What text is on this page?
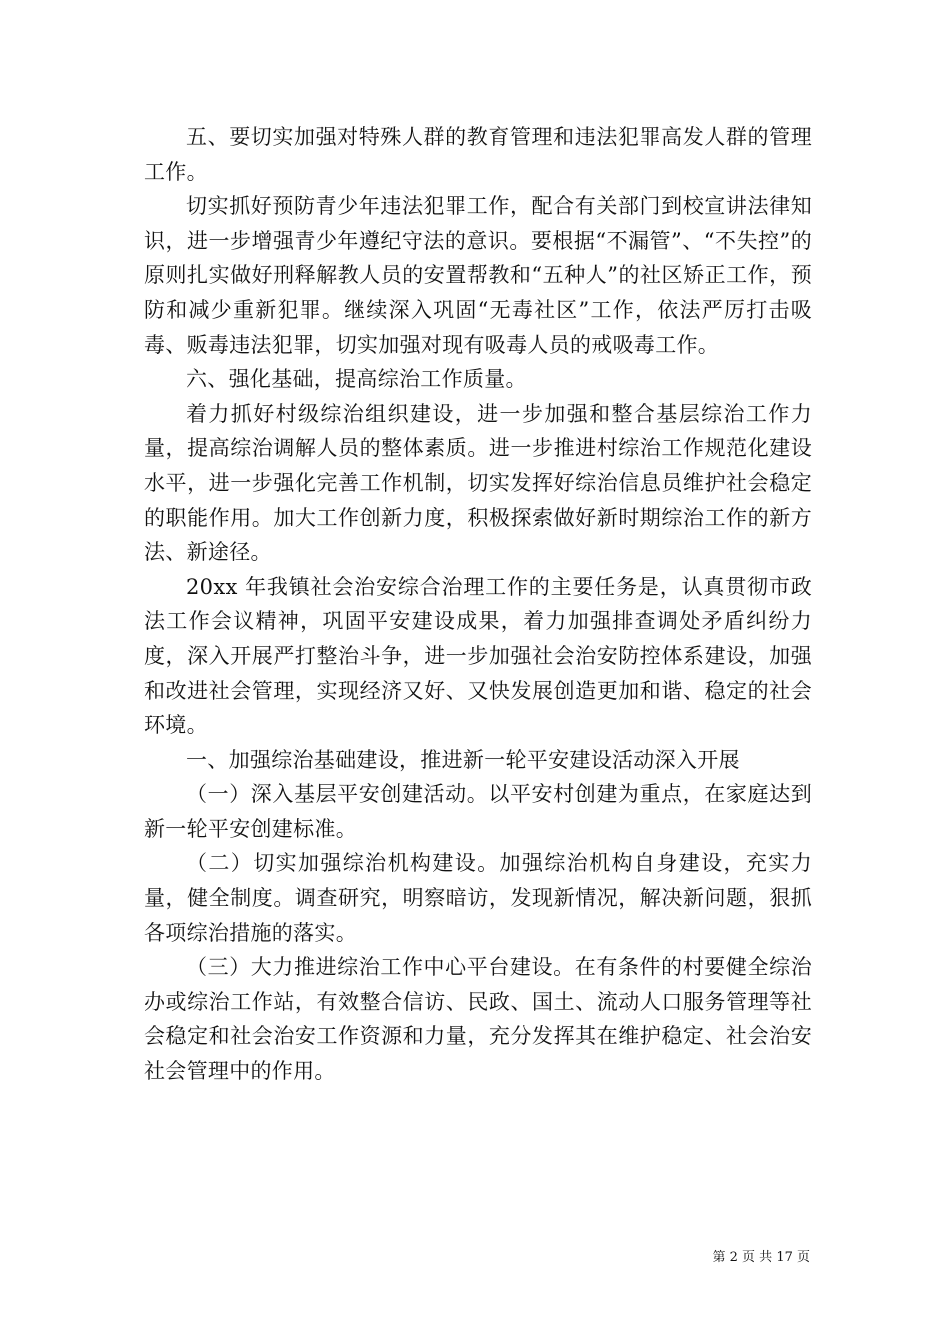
五、要切实加强对特殊人群的教育管理和违法犯罪高发人群的管理工作。

切实抓好预防青少年违法犯罪工作，配合有关部门到校宣讲法律知识，进一步增强青少年遵纪守法的意识。要根据“不漏管”、“不失控”的原则扎实做好刑释解教人员的安置帮教和“五种人”的社区矫正工作，预防和减少重新犯罪。继续深入巩固“无毒社区”工作，依法严厉打击吸毒、贩毒违法犯罪，切实加强对现有吸毒人员的戒吸毒工作。

六、强化基础，提高综治工作质量。

着力抓好村级综治组织建设，进一步加强和整合基层综治工作力量，提高综治调解人员的整体素质。进一步推进村综治工作规范化建设水平，进一步强化完善工作机制，切实发挥好综治信息员维护社会稳定的职能作用。加大工作创新力度，积极探索做好新时期综治工作的新方法、新途径。

20xx 年我镇社会治安综合治理工作的主要任务是，认真贯彻市政法工作会议精神，巩固平安建设成果，着力加强排查调处矛盾纠纷力度，深入开展严打整治斗争，进一步加强社会治安防控体系建设，加强和改进社会管理，实现经济又好、又快发展创造更加和谐、稳定的社会环境。

一、加强综治基础建设，推进新一轮平安建设活动深入开展

（一）深入基层平安创建活动。以平安村创建为重点，在家庭达到新一轮平安创建标准。

（二）切实加强综治机构建设。加强综治机构自身建设，充实力量，健全制度。调查研究，明察暗访，发现新情况，解决新问题，狠抓各项综治措施的落实。

（三）大力推进综治工作中心平台建设。在有条件的村要健全综治办或综治工作站，有效整合信访、民政、国土、流动人口服务管理等社会稳定和社会治安工作资源和力量，充分发挥其在维护稳定、社会治安社会管理中的作用。

第 2 页 共 17 页
